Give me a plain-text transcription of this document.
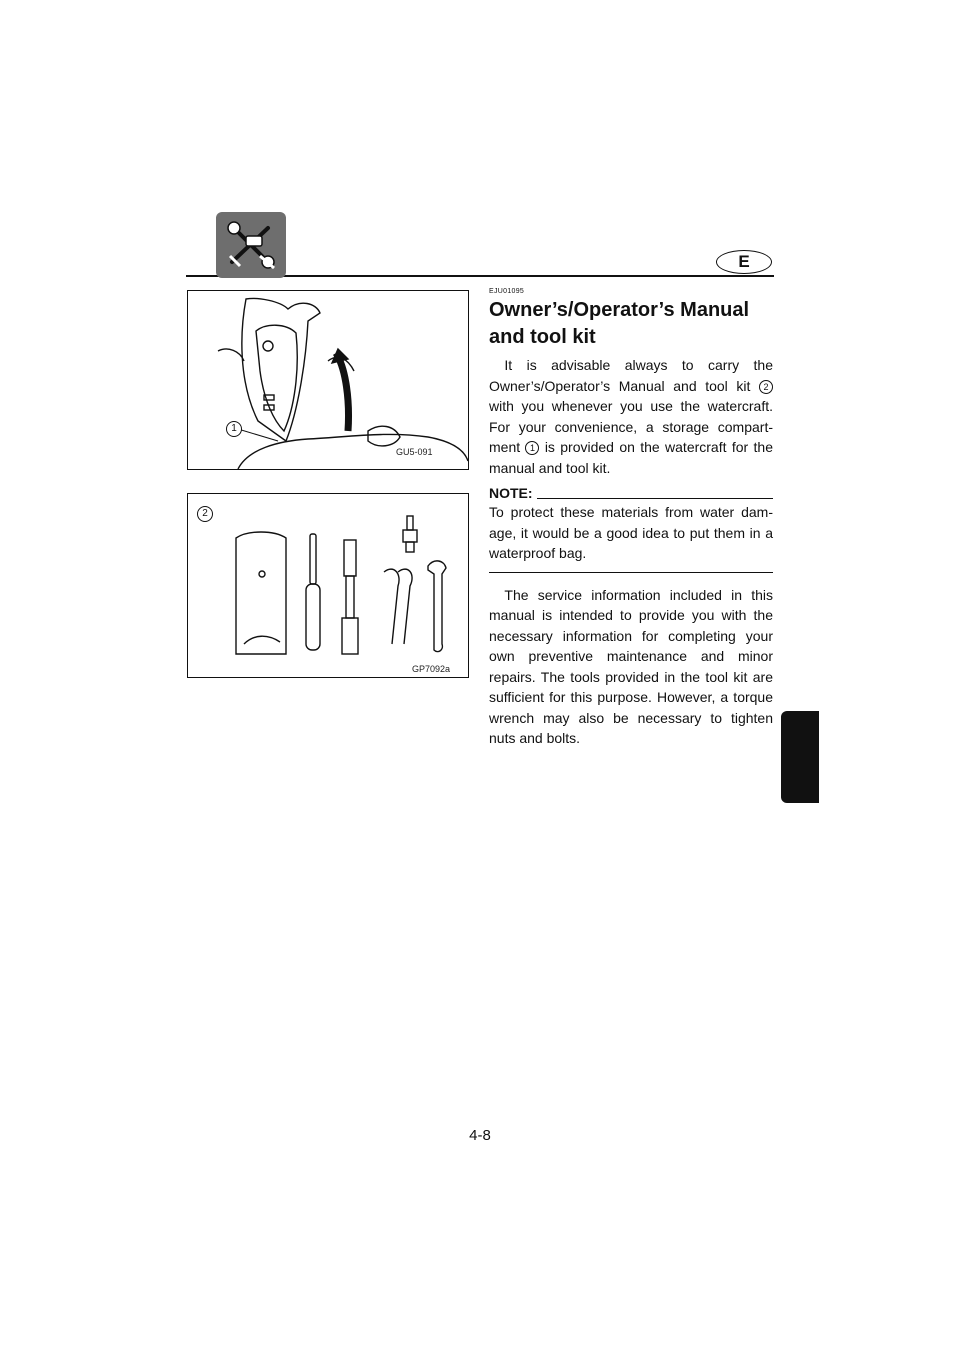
E
1
GU5-091
2
GP7092a
EJU01095
Owner’s/Operator’s Manual and tool kit

It is advisable always to carry the Owner’s/Operator’s Manual and tool kit 2 with you whenever you use the watercraft. For your convenience, a storage compart-ment 1 is provided on the watercraft for the manual and tool kit.

NOTE:

To protect these materials from water dam-age, it would be a good idea to put them in a waterproof bag.

The service information included in this manual is intended to provide you with the necessary information for completing your own preventive maintenance and minor repairs. The tools provided in the tool kit are sufficient for this purpose. However, a torque wrench may also be necessary to tighten nuts and bolts.

4-8
